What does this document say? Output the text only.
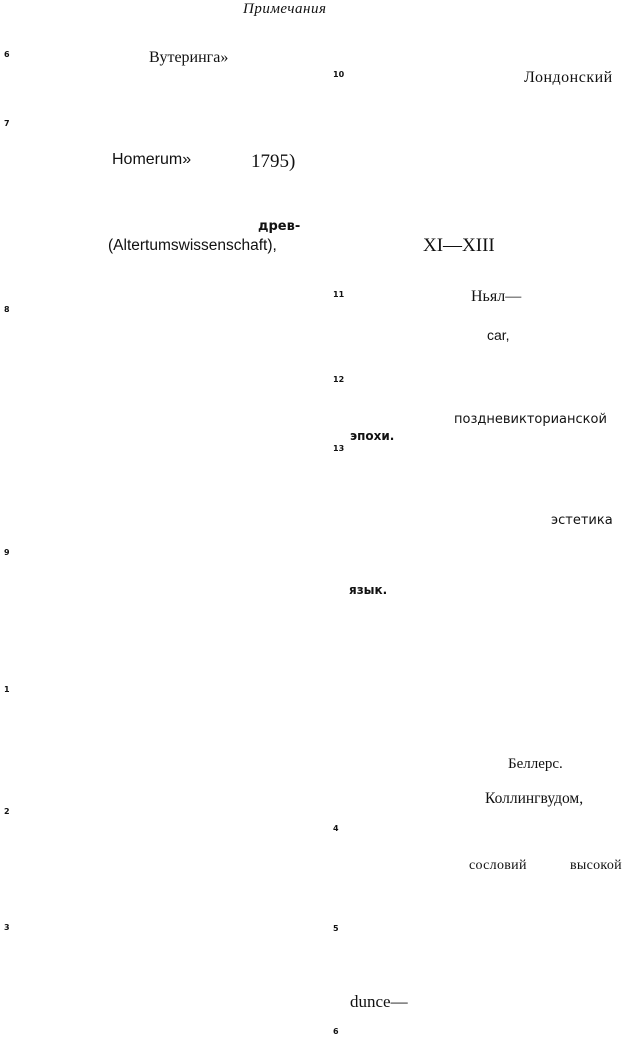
Примечания
6
7
8
9
1
2
3
Вутеринга»
Homerum»	1795)
древ-
(Altertumswissenschaft),
10
11
12
13
4
5
6
Лондонский
XI—XIII
Ньял—
car,
поздневикторианской
эпохи.
эстетика
язык.
Беллерс.
Коллингвудом,
сословий	высокой
dunce—
